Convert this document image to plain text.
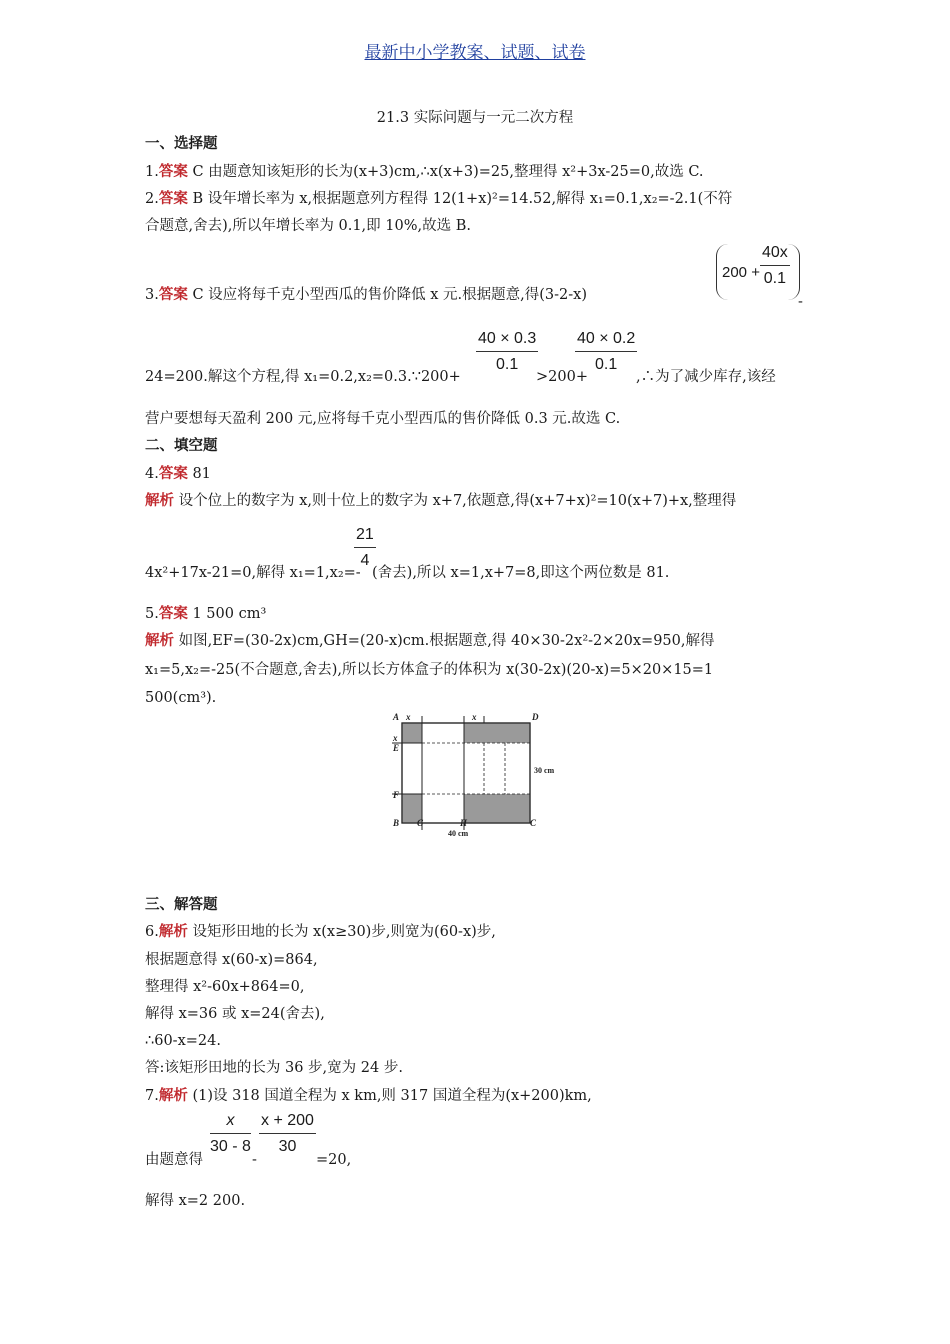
最新中小学教案、试题、试卷
21.3 实际问题与一元二次方程
一、选择题
1.答案 C 由题意知该矩形的长为(x+3)cm,∴x(x+3)=25,整理得 x²+3x-25=0,故选 C.
2.答案 B 设年增长率为 x,根据题意列方程得 12(1+x)²=14.52,解得 x₁=0.1,x₂=-2.1(不符
合题意,舍去),所以年增长率为 0.1,即 10%,故选 B.
3.答案 C 设应将每千克小型西瓜的售价降低 x 元.根据题意,得(3-2-x)
$200 + \frac{40x}{0.1}$
-
24=200.解这个方程,得 x₁=0.2,x₂=0.3.∵200+
$\frac{40 \times 0.3}{0.1}$
>200+
$\frac{40 \times 0.2}{0.1}$
,∴为了减少库存,该经
营户要想每天盈利 200 元,应将每千克小型西瓜的售价降低 0.3 元.故选 C.
二、填空题
4.答案 81
解析 设个位上的数字为 x,则十位上的数字为 x+7,依题意,得(x+7+x)²=10(x+7)+x,整理得
4x²+17x-21=0,解得 x₁=1,x₂=-
$\frac{21}{4}$
(舍去),所以 x=1,x+7=8,即这个两位数是 81.
5.答案 1 500 cm³
解析 如图,EF=(30-2x)cm,GH=(20-x)cm.根据题意,得 40×30-2x²-2×20x=950,解得
x₁=5,x₂=-25(不合题意,舍去),所以长方体盒子的体积为 x(30-2x)(20-x)=5×20×15=1
500(cm³).
A x	x	D
x
E
F
B G	H	C
30 cm
40 cm
三、解答题
6.解析 设矩形田地的长为 x(x≥30)步,则宽为(60-x)步,
根据题意得 x(60-x)=864,
整理得 x²-60x+864=0,
解得 x=36 或 x=24(舍去),
∴60-x=24.
答:该矩形田地的长为 36 步,宽为 24 步.
7.解析 (1)设 318 国道全程为 x km,则 317 国道全程为(x+200)km,
由题意得
$\frac{x}{30 - 8}$
-
$\frac{x + 200}{30}$
=20,
解得 x=2 200.
